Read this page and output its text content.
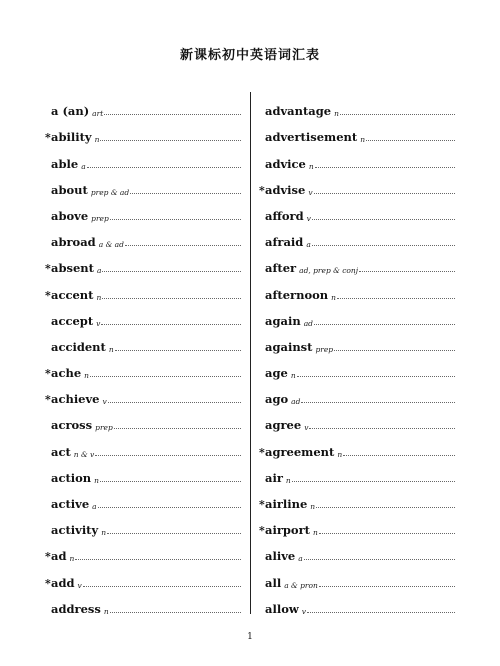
新课标初中英语词汇表
a (an) art
* ability n
able a
about prep & ad
above prep
abroad a & ad
* absent a
* accent n
accept v
accident n
* ache n
* achieve v
across prep
act n & v
action n
active a
activity n
* ad n
* add v
address n
advantage n
advertisement n
advice n
* advise v
afford v
afraid a
after ad, prep & conj
afternoon n
again ad
against prep
age n
ago ad
agree v
* agreement n
air n
* airline n
* airport n
alive a
all a & pron
allow v
1
